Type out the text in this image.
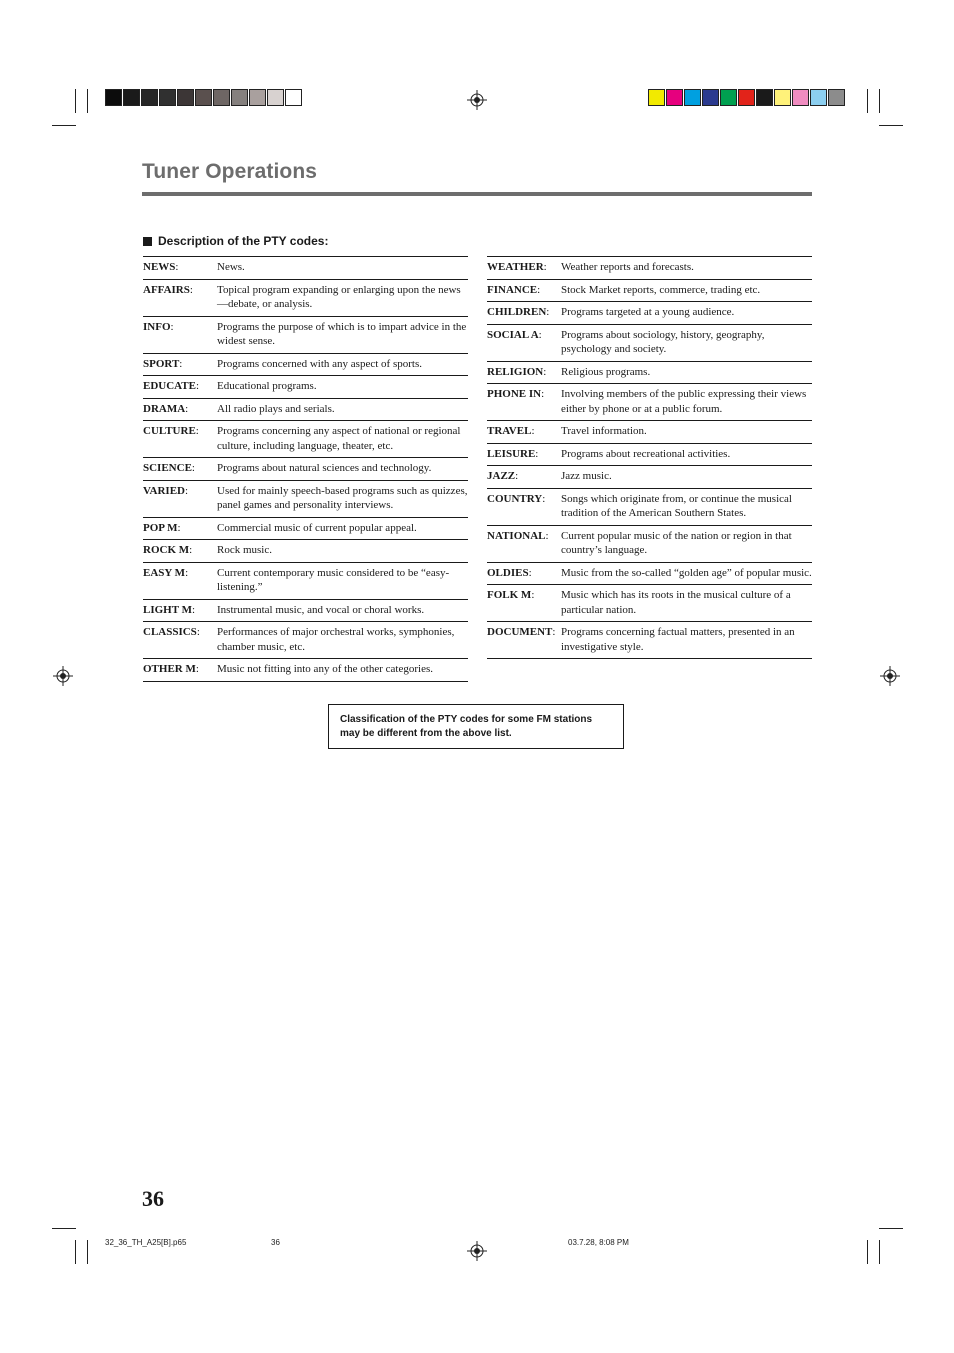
Tuner Operations
Description of the PTY codes:
NEWS:	News.
AFFAIRS:	Topical program expanding or enlarging upon the news—debate, or analysis.
INFO:	Programs the purpose of which is to impart advice in the widest sense.
SPORT:	Programs concerned with any aspect of sports.
EDUCATE:	Educational programs.
DRAMA:	All radio plays and serials.
CULTURE:	Programs concerning any aspect of national or regional culture, including language, theater, etc.
SCIENCE:	Programs about natural sciences and technology.
VARIED:	Used for mainly speech-based programs such as quizzes, panel games and personality interviews.
POP M:	Commercial music of current popular appeal.
ROCK M:	Rock music.
EASY M:	Current contemporary music considered to be “easy-listening.”
LIGHT M:	Instrumental music, and vocal or choral works.
CLASSICS:	Performances of major orchestral works, symphonies, chamber music, etc.
OTHER M:	Music not fitting into any of the other categories.
WEATHER:	Weather reports and forecasts.
FINANCE:	Stock Market reports, commerce, trading etc.
CHILDREN:	Programs targeted at a young audience.
SOCIAL A:	Programs about sociology, history, geography, psychology and society.
RELIGION:	Religious programs.
PHONE IN:	Involving members of the public expressing their views either by phone or at a public forum.
TRAVEL:	Travel information.
LEISURE:	Programs about recreational activities.
JAZZ:	Jazz music.
COUNTRY:	Songs which originate from, or continue the musical tradition of the American Southern States.
NATIONAL:	Current popular music of the nation or region in that country’s language.
OLDIES:	Music from the so-called “golden age” of popular music.
FOLK M:	Music which has its roots in the musical culture of a particular nation.
DOCUMENT: Programs concerning factual matters, presented in an investigative style.
Classification of the PTY codes for some FM stations
may be different from the above list.
36
32_36_TH_A25[B].p65	36	03.7.28, 8:08 PM
